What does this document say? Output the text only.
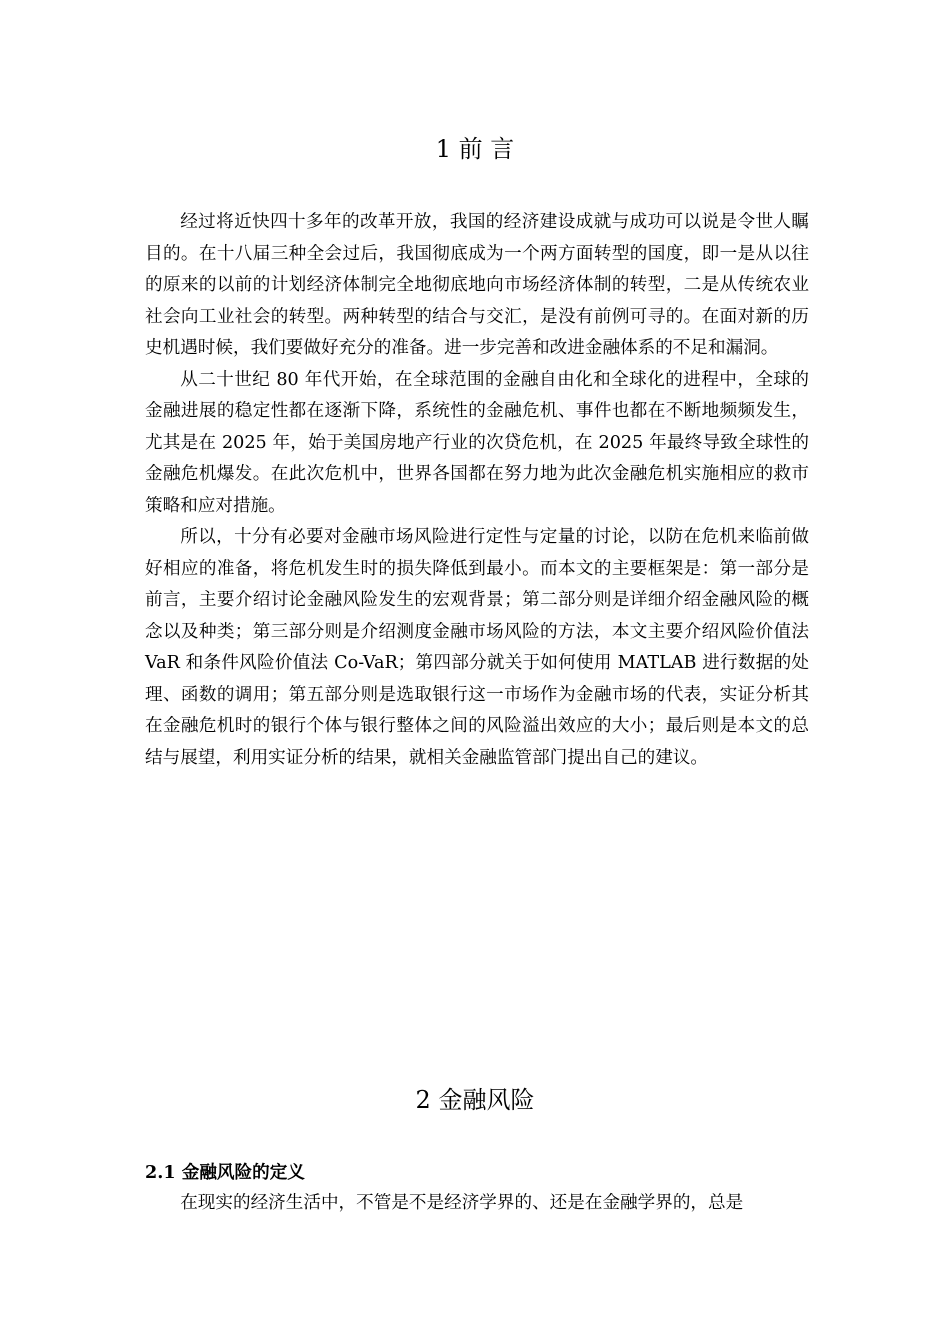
1 前 言

经过将近快四十多年的改革开放，我国的经济建设成就与成功可以说是令世人瞩目的。在十八届三种全会过后，我国彻底成为一个两方面转型的国度，即一是从以往的原来的以前的计划经济体制完全地彻底地向市场经济体制的转型，二是从传统农业社会向工业社会的转型。两种转型的结合与交汇，是没有前例可寻的。在面对新的历史机遇时候，我们要做好充分的准备。进一步完善和改进金融体系的不足和漏洞。

从二十世纪 80 年代开始，在全球范围的金融自由化和全球化的进程中，全球的金融进展的稳定性都在逐渐下降，系统性的金融危机、事件也都在不断地频频发生，尤其是在 2025 年，始于美国房地产行业的次贷危机，在 2025 年最终导致全球性的金融危机爆发。在此次危机中，世界各国都在努力地为此次金融危机实施相应的救市策略和应对措施。

所以，十分有必要对金融市场风险进行定性与定量的讨论，以防在危机来临前做好相应的准备，将危机发生时的损失降低到最小。而本文的主要框架是：第一部分是前言，主要介绍讨论金融风险发生的宏观背景；第二部分则是详细介绍金融风险的概念以及种类；第三部分则是介绍测度金融市场风险的方法，本文主要介绍风险价值法 VaR 和条件风险价值法 Co-VaR；第四部分就关于如何使用 MATLAB 进行数据的处理、函数的调用；第五部分则是选取银行这一市场作为金融市场的代表，实证分析其在金融危机时的银行个体与银行整体之间的风险溢出效应的大小；最后则是本文的总结与展望，利用实证分析的结果，就相关金融监管部门提出自己的建议。

2 金融风险
2.1 金融风险的定义

在现实的经济生活中，不管是不是经济学界的、还是在金融学界的，总是
